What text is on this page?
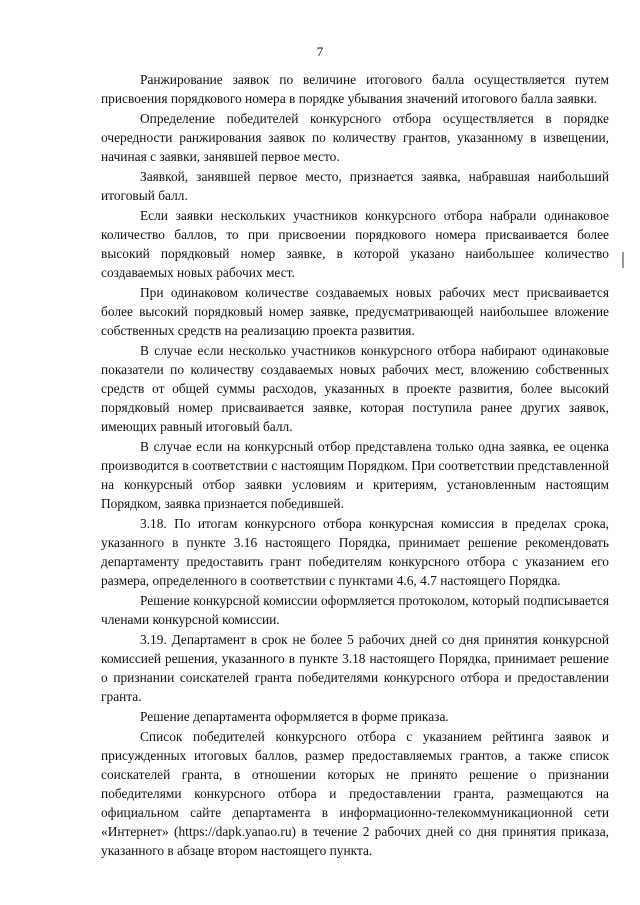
7

Ранжирование заявок по величине итогового балла осуществляется путем присвоения порядкового номера в порядке убывания значений итогового балла заявки.

Определение победителей конкурсного отбора осуществляется в порядке очередности ранжирования заявок по количеству грантов, указанному в извещении, начиная с заявки, занявшей первое место.

Заявкой, занявшей первое место, признается заявка, набравшая наибольший итоговый балл.

Если заявки нескольких участников конкурсного отбора набрали одинаковое количество баллов, то при присвоении порядкового номера присваивается более высокий порядковый номер заявке, в которой указано наибольшее количество создаваемых новых рабочих мест.

При одинаковом количестве создаваемых новых рабочих мест присваивается более высокий порядковый номер заявке, предусматривающей наибольшее вложение собственных средств на реализацию проекта развития.

В случае если несколько участников конкурсного отбора набирают одинаковые показатели по количеству создаваемых новых рабочих мест, вложению собственных средств от общей суммы расходов, указанных в проекте развития, более высокий порядковый номер присваивается заявке, которая поступила ранее других заявок, имеющих равный итоговый балл.

В случае если на конкурсный отбор представлена только одна заявка, ее оценка производится в соответствии с настоящим Порядком. При соответствии представленной на конкурсный отбор заявки условиям и критериям, установленным настоящим Порядком, заявка признается победившей.

3.18. По итогам конкурсного отбора конкурсная комиссия в пределах срока, указанного в пункте 3.16 настоящего Порядка, принимает решение рекомендовать департаменту предоставить грант победителям конкурсного отбора с указанием его размера, определенного в соответствии с пунктами 4.6, 4.7 настоящего Порядка.

Решение конкурсной комиссии оформляется протоколом, который подписывается членами конкурсной комиссии.

3.19. Департамент в срок не более 5 рабочих дней со дня принятия конкурсной комиссией решения, указанного в пункте 3.18 настоящего Порядка, принимает решение о признании соискателей гранта победителями конкурсного отбора и предоставлении гранта.

Решение департамента оформляется в форме приказа.

Список победителей конкурсного отбора с указанием рейтинга заявок и присужденных итоговых баллов, размер предоставляемых грантов, а также список соискателей гранта, в отношении которых не принято решение о признании победителями конкурсного отбора и предоставлении гранта, размещаются на официальном сайте департамента в информационно-телекоммуникационной сети «Интернет» (https://dapk.yanao.ru) в течение 2 рабочих дней со дня принятия приказа, указанного в абзаце втором настоящего пункта.
